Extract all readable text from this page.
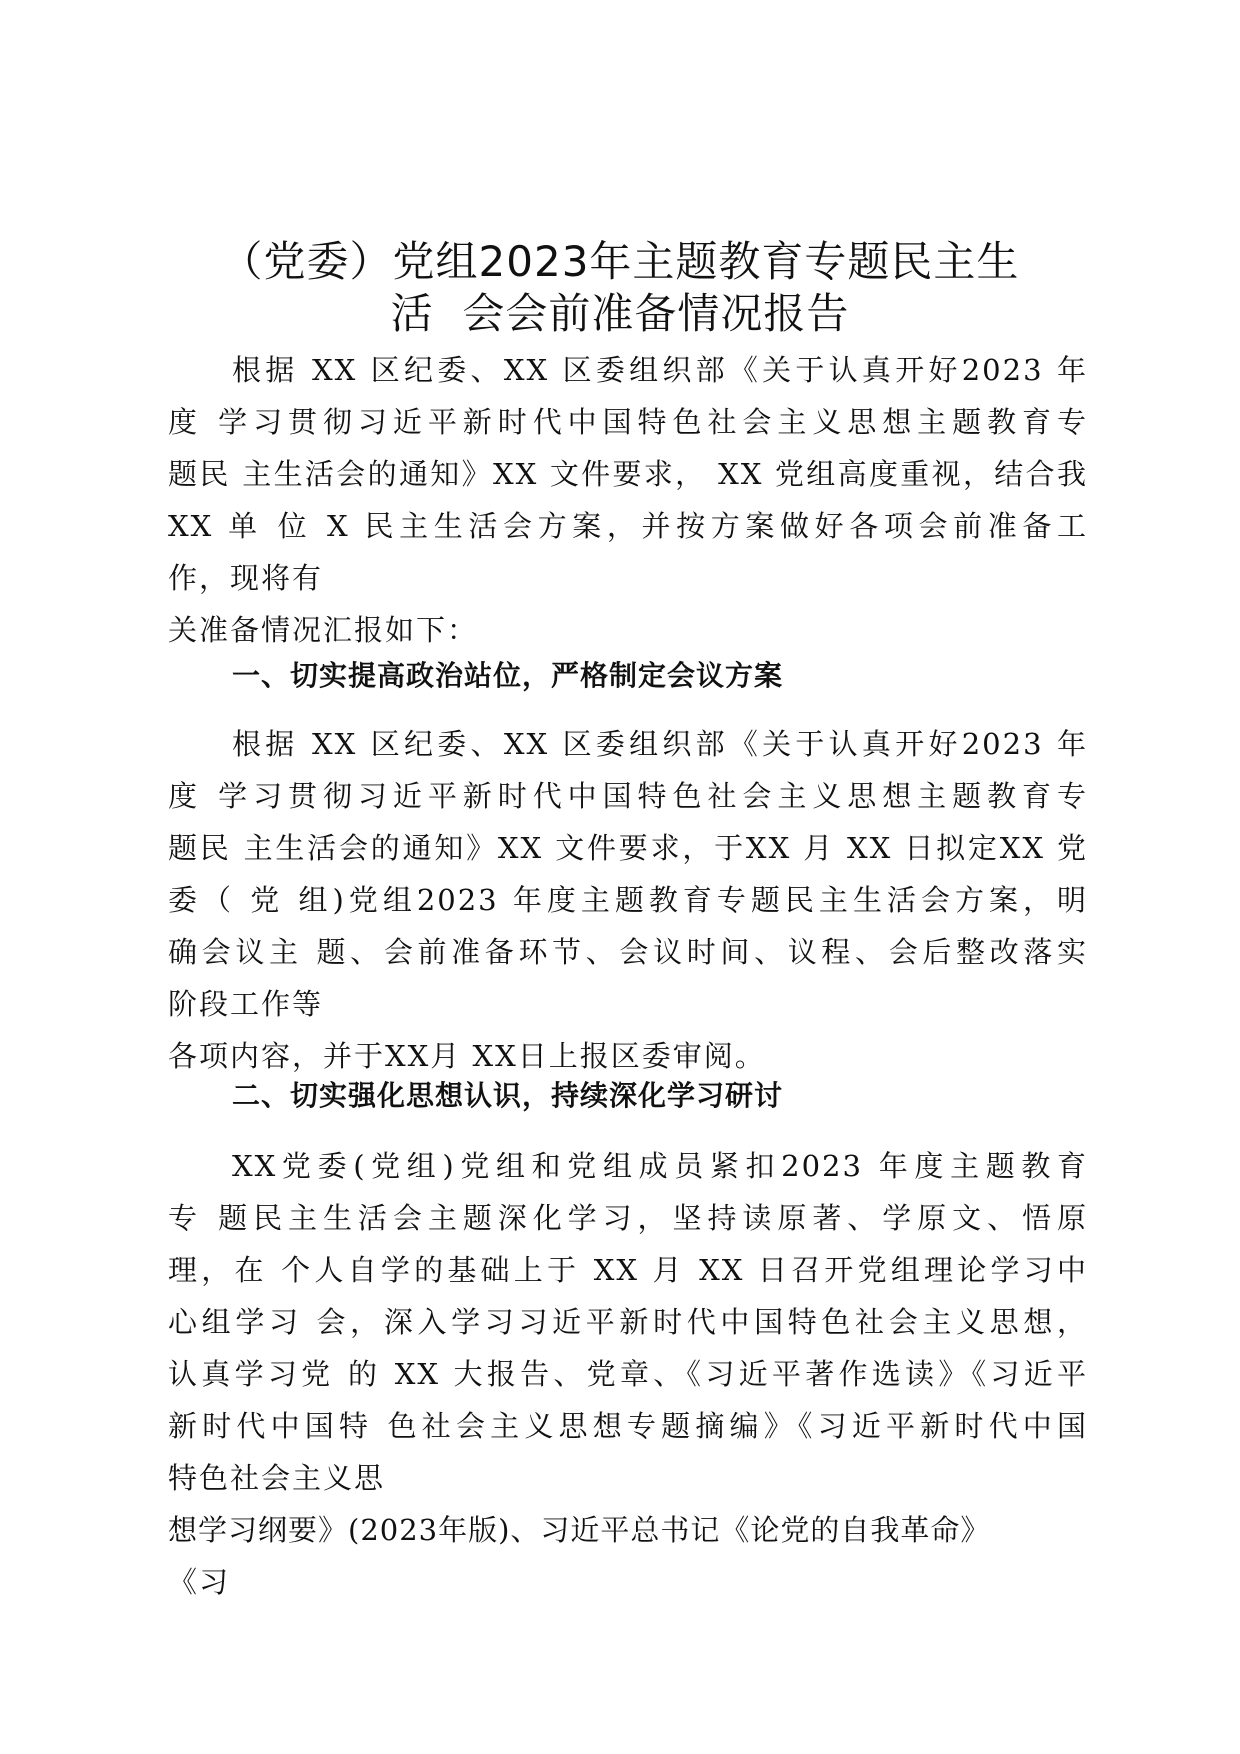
（党委）党组2023年主题教育专题民主生
活  会会前准备情况报告
根据 XX 区纪委、XX 区委组织部《关于认真开好2023 年
度 学习贯彻习近平新时代中国特色社会主义思想主题教育专
题民 主生活会的通知》XX 文件要求， XX 党组高度重视，结合我
XX 单 位 X 民主生活会方案，并按方案做好各项会前准备工
作，现将有
关准备情况汇报如下：
一、切实提高政治站位，严格制定会议方案
根据 XX 区纪委、XX 区委组织部《关于认真开好2023 年
度 学习贯彻习近平新时代中国特色社会主义思想主题教育专
题民 主生活会的通知》XX 文件要求，于XX 月 XX 日拟定XX 党
委（ 党 组)党组2023 年度主题教育专题民主生活会方案，明
确会议主 题、会前准备环节、会议时间、议程、会后整改落实
阶段工作等
各项内容，并于XX月 XX日上报区委审阅。
二、切实强化思想认识，持续深化学习研讨
XX党委(党组)党组和党组成员紧扣2023 年度主题教育
专 题民主生活会主题深化学习，坚持读原著、学原文、悟原
理，在 个人自学的基础上于 XX 月 XX 日召开党组理论学习中
心组学习 会，深入学习习近平新时代中国特色社会主义思想，
认真学习党 的 XX 大报告、党章、《习近平著作选读》《习近平
新时代中国特 色社会主义思想专题摘编》《习近平新时代中国
特色社会主义思
想学习纲要》(2023年版)、习近平总书记《论党的自我革命》
《习
